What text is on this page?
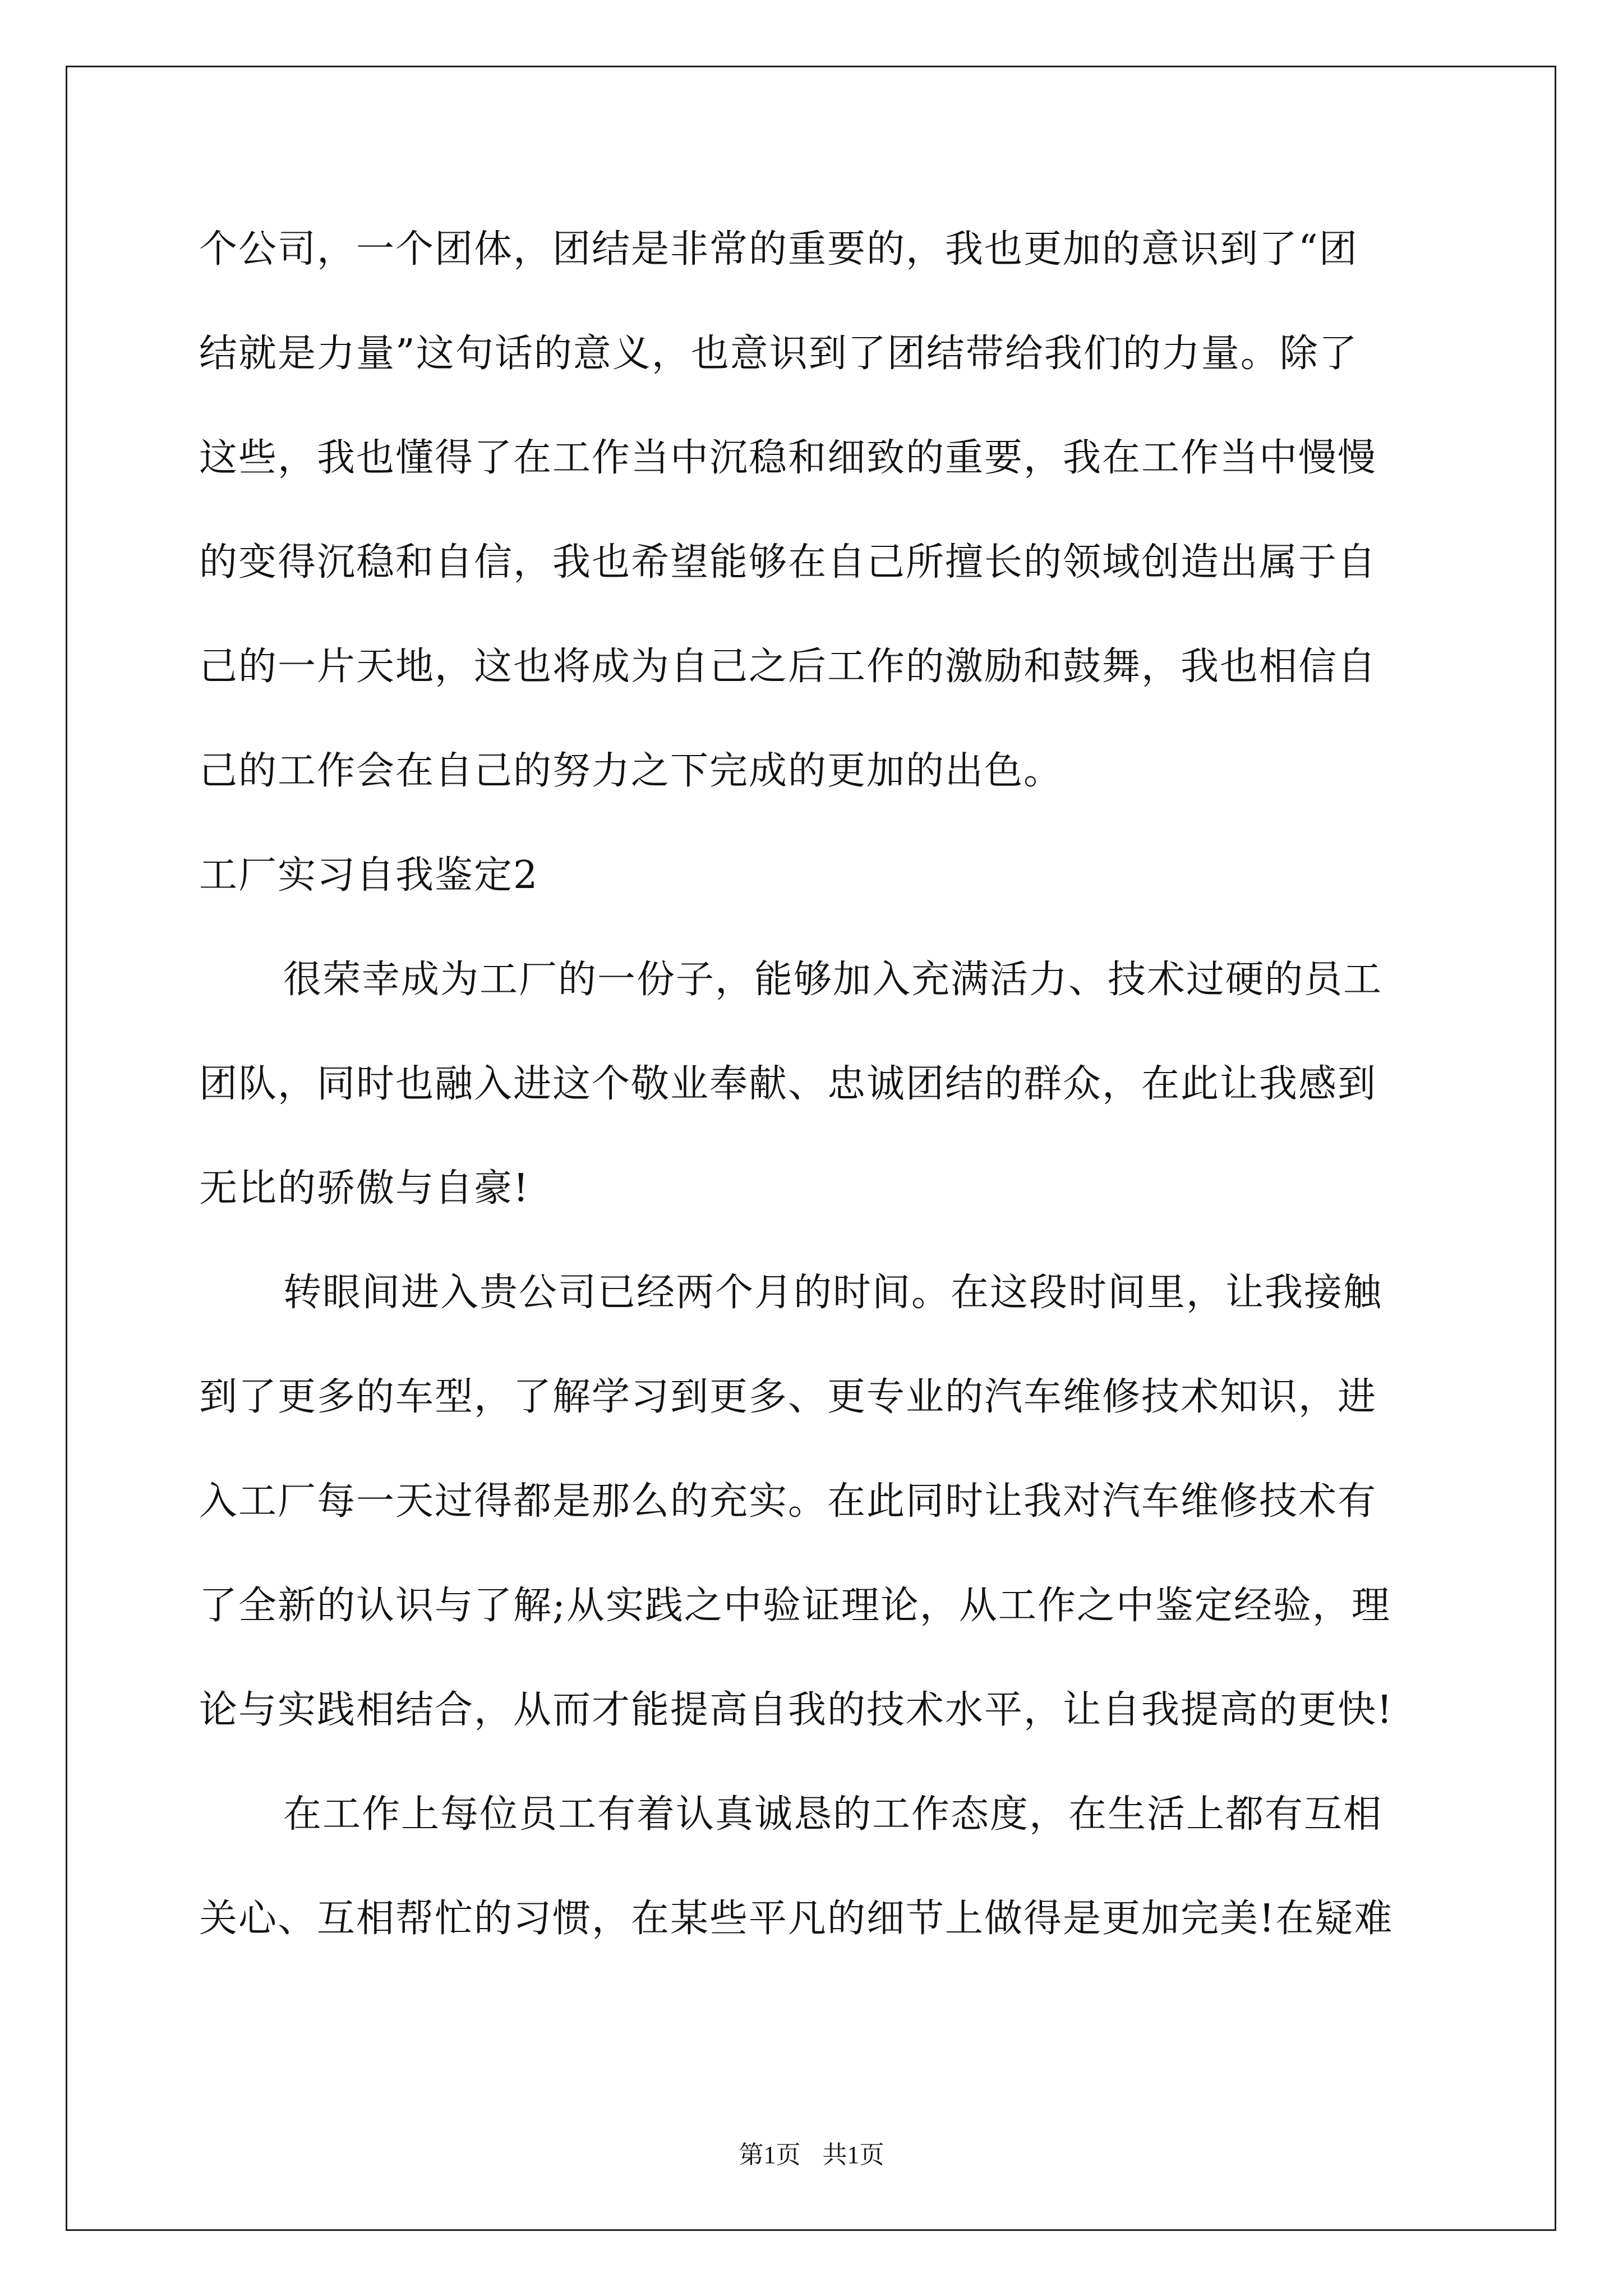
个公司，一个团体，团结是非常的重要的，我也更加的意识到了“团
结就是力量”这句话的意义，也意识到了团结带给我们的力量。除了
这些，我也懂得了在工作当中沉稳和细致的重要，我在工作当中慢慢
的变得沉稳和自信，我也希望能够在自己所擅长的领域创造出属于自
己的一片天地，这也将成为自己之后工作的激励和鼓舞，我也相信自
己的工作会在自己的努力之下完成的更加的出色。
工厂实习自我鉴定2
很荣幸成为工厂的一份子，能够加入充满活力、技术过硬的员工
团队，同时也融入进这个敬业奉献、忠诚团结的群众，在此让我感到
无比的骄傲与自豪!
转眼间进入贵公司已经两个月的时间。在这段时间里，让我接触
到了更多的车型，了解学习到更多、更专业的汽车维修技术知识，进
入工厂每一天过得都是那么的充实。在此同时让我对汽车维修技术有
了全新的认识与了解;从实践之中验证理论，从工作之中鉴定经验，理
论与实践相结合，从而才能提高自我的技术水平，让自我提高的更快!
在工作上每位员工有着认真诚恳的工作态度，在生活上都有互相
关心、互相帮忙的习惯，在某些平凡的细节上做得是更加完美!在疑难
第1页 共1页
